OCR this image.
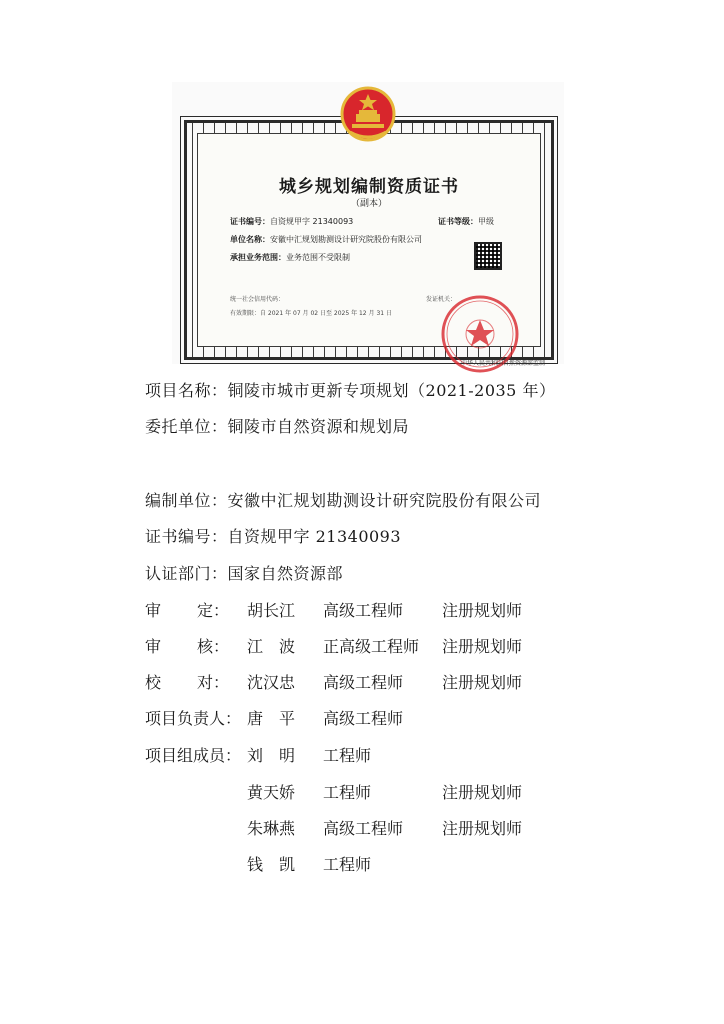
城乡规划编制资质证书
（副本）
证书编号：自资规甲字 21340093	证书等级：甲级
单位名称：安徽中汇规划勘测设计研究院股份有限公司
承担业务范围：业务范围不受限制
统一社会信用代码：
有效期限：自 2021 年 07 月 02 日至 2025 年 12 月 31 日
发证机关：
中华人民共和国自然资源部监制
项目名称：铜陵市城市更新专项规划（2021-2035 年）
委托单位：铜陵市自然资源和规划局
编制单位：安徽中汇规划勘测设计研究院股份有限公司
证书编号：自资规甲字 21340093
认证部门：国家自然资源部
审 定： 胡长江 高级工程师 注册规划师
审 核： 江　波 正高级工程师 注册规划师
校 对： 沈汉忠 高级工程师 注册规划师
项目负责人： 唐　平 高级工程师
项目组成员： 刘　明 工程师
黄天娇 工程师	注册规划师
朱琳燕 高级工程师 注册规划师
钱　凯 工程师
